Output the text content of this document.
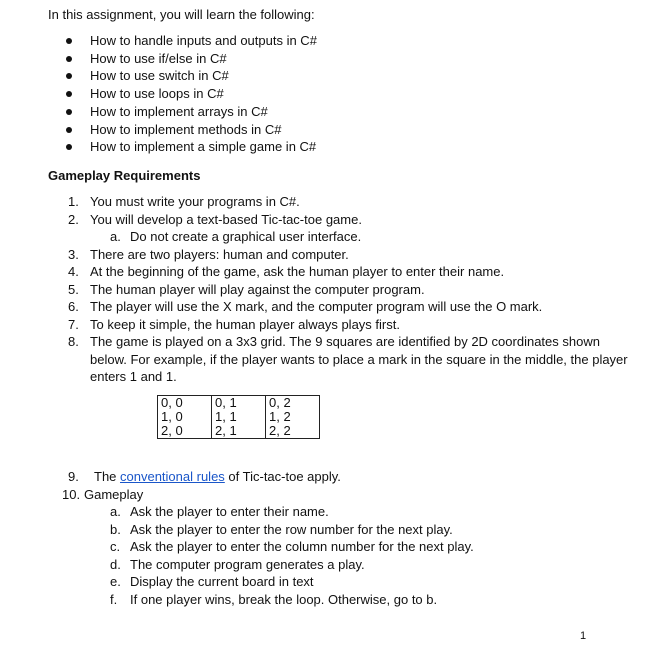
In this assignment, you will learn the following:
How to handle inputs and outputs in C#
How to use if/else in C#
How to use switch in C#
How to use loops in C#
How to implement arrays in C#
How to implement methods in C#
How to implement a simple game in C#
Gameplay Requirements
1. You must write your programs in C#.
2. You will develop a text-based Tic-tac-toe game.
a. Do not create a graphical user interface.
3. There are two players: human and computer.
4. At the beginning of the game, ask the human player to enter their name.
5. The human player will play against the computer program.
6. The player will use the X mark, and the computer program will use the O mark.
7. To keep it simple, the human player always plays first.
8. The game is played on a 3x3 grid. The 9 squares are identified by 2D coordinates shown below. For example, if the player wants to place a mark in the square in the middle, the player enters 1 and 1.
0, 0	0, 1	0, 2
1, 0	1, 1	1, 2
2, 0	2, 1	2, 2
9.	The conventional rules of Tic-tac-toe apply.
10. Gameplay
a. Ask the player to enter their name.
b. Ask the player to enter the row number for the next play.
c. Ask the player to enter the column number for the next play.
d. The computer program generates a play.
e. Display the current board in text
f. If one player wins, break the loop. Otherwise, go to b.
1
